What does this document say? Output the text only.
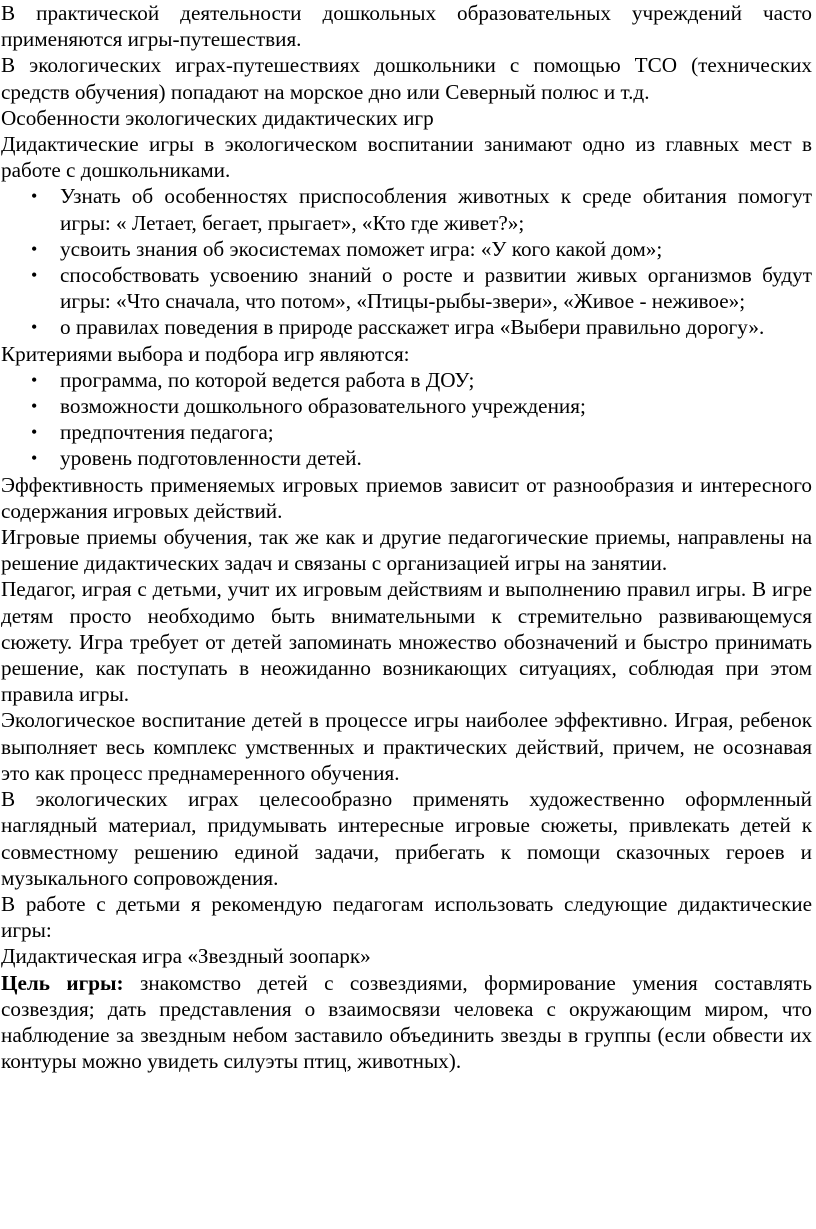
В практической деятельности дошкольных образовательных учреждений часто применяются игры-путешествия.

В экологических играх-путешествиях дошкольники с помощью ТСО (технических средств обучения) попадают на морское дно или Северный полюс и т.д.

Особенности экологических дидактических игр

Дидактические игры в экологическом воспитании занимают одно из главных мест в работе с дошкольниками.

• Узнать об особенностях приспособления животных к среде обитания помогут игры: « Летает, бегает, прыгает», «Кто где живет?»;
• усвоить знания об экосистемах поможет игра: «У кого какой дом»;
• способствовать усвоению знаний о росте и развитии живых организмов будут игры: «Что сначала, что потом», «Птицы-рыбы-звери», «Живое - неживое»;
• о правилах поведения в природе расскажет игра «Выбери правильно дорогу».

Критериями выбора и подбора игр являются:

• программа, по которой ведется работа в ДОУ;
• возможности дошкольного образовательного учреждения;
• предпочтения педагога;
• уровень подготовленности детей.

Эффективность применяемых игровых приемов зависит от разнообразия и интересного содержания игровых действий.

Игровые приемы обучения, так же как и другие педагогические приемы, направлены на решение дидактических задач и связаны с организацией игры на занятии.

Педагог, играя с детьми, учит их игровым действиям и выполнению правил игры. В игре детям просто необходимо быть внимательными к стремительно развивающемуся сюжету. Игра требует от детей запоминать множество обозначений и быстро принимать решение, как поступать в неожиданно возникающих ситуациях, соблюдая при этом правила игры.

Экологическое воспитание детей в процессе игры наиболее эффективно. Играя, ребенок выполняет весь комплекс умственных и практических действий, причем, не осознавая это как процесс преднамеренного обучения.

В экологических играх целесообразно применять художественно оформленный наглядный материал, придумывать интересные игровые сюжеты, привлекать детей к совместному решению единой задачи, прибегать к помощи сказочных героев и музыкального сопровождения.

В работе с детьми я рекомендую педагогам использовать следующие дидактические игры:

Дидактическая игра «Звездный зоопарк»

Цель игры: знакомство детей с созвездиями, формирование умения составлять созвездия; дать представления о взаимосвязи человека с окружающим миром, что наблюдение за звездным небом заставило объединить звезды в группы (если обвести их контуры можно увидеть силуэты птиц, животных).
